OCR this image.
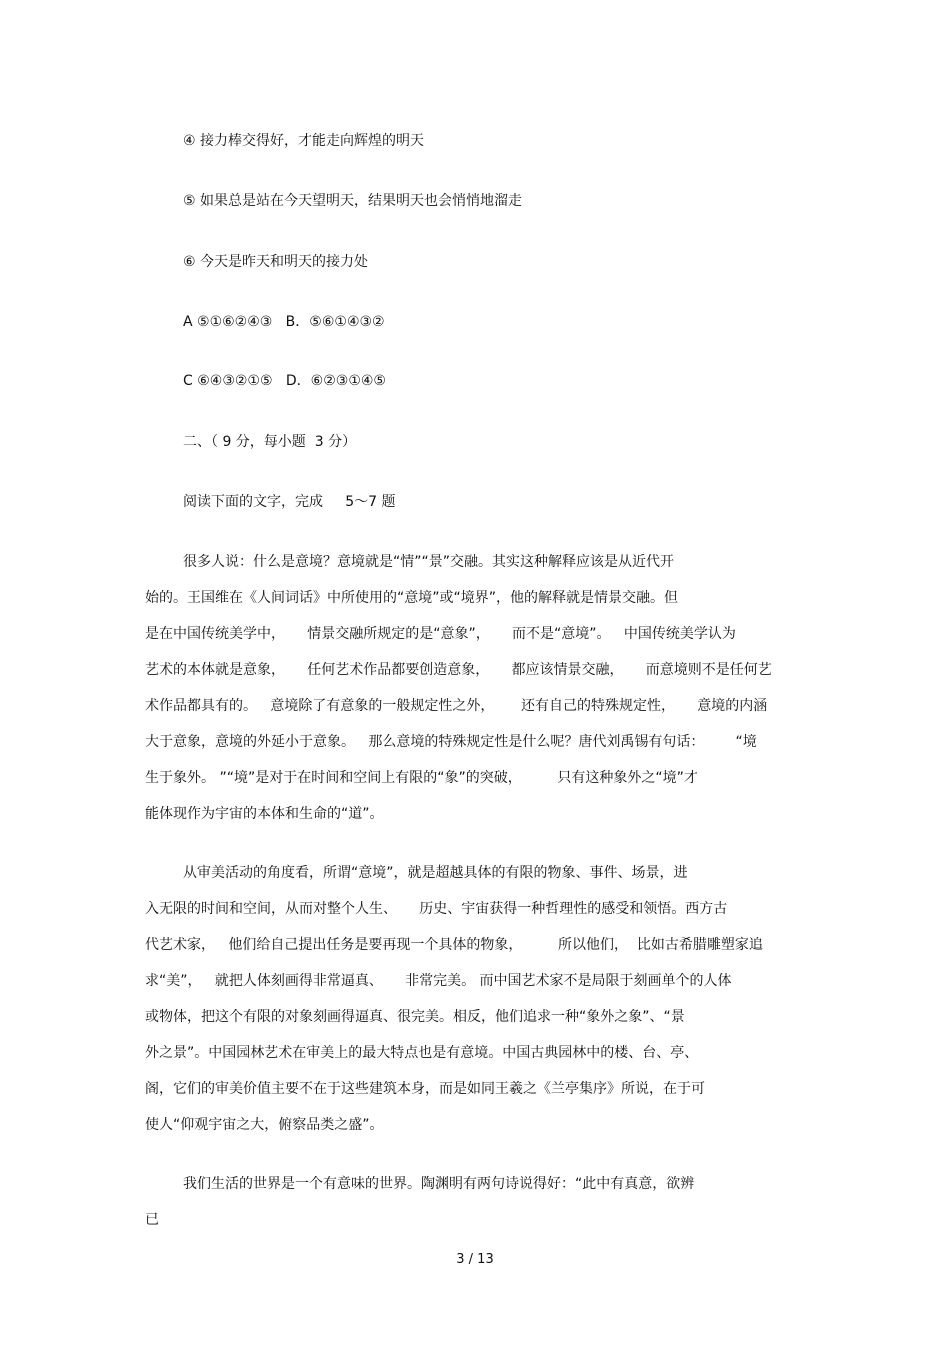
④ 接力棒交得好，才能走向辉煌的明天

⑤ 如果总是站在今天望明天，结果明天也会悄悄地溜走

⑥ 今天是昨天和明天的接力处

A ⑤①⑥②④③   B．⑤⑥①④③②

C ⑥④③②①⑤   D．⑥②③①④⑤

二、（ 9 分，每小题  3 分）

阅读下面的文字，完成     5～7 题

很多人说：什么是意境？意境就是“情”“景”交融。其实这种解释应该是从近代开

始的。王国维在《人间词话》中所使用的“意境”或“境界”，他的解释就是情景交融。但

是在中国传统美学中，     情景交融所规定的是“意象”，     而不是“意境”。   中国传统美学认为

艺术的本体就是意象，     任何艺术作品都要创造意象，     都应该情景交融，     而意境则不是任何艺

术作品都具有的。   意境除了有意象的一般规定性之外，      还有自己的特殊规定性，     意境的内涵

大于意象，意境的外延小于意象。   那么意境的特殊规定性是什么呢？唐代刘禹锡有句话：       “境

生于象外。 ”“境”是对于在时间和空间上有限的“象”的突破，        只有这种象外之“境”才

能体现作为宇宙的本体和生命的“道”。

从审美活动的角度看，所谓“意境”，就是超越具体的有限的物象、事件、场景，进

入无限的时间和空间，从而对整个人生、     历史、宇宙获得一种哲理性的感受和领悟。西方古

代艺术家，   他们给自己提出任务是要再现一个具体的物象，        所以他们，  比如古希腊雕塑家追

求“美”，   就把人体刻画得非常逼真、     非常完美。 而中国艺术家不是局限于刻画单个的人体

或物体，把这个有限的对象刻画得逼真、很完美。相反，他们追求一种“象外之象”、“景

外之景”。中国园林艺术在审美上的最大特点也是有意境。中国古典园林中的楼、台、亭、

阁，它们的审美价值主要不在于这些建筑本身，而是如同王羲之《兰亭集序》所说，在于可

使人“仰观宇宙之大，俯察品类之盛”。

我们生活的世界是一个有意味的世界。陶渊明有两句诗说得好：“此中有真意，欲辨

已

3 / 13
